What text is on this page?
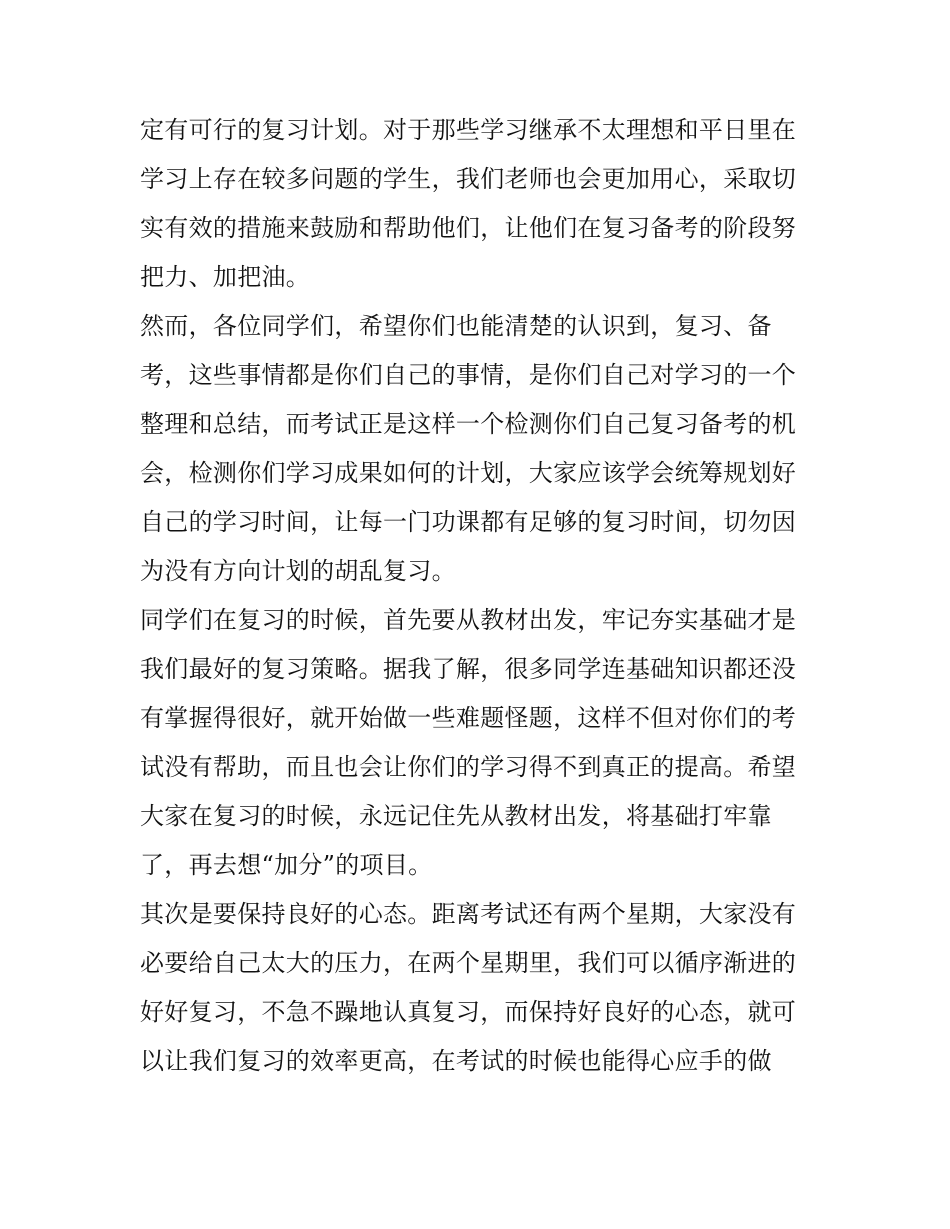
定有可行的复习计划。对于那些学习继承不太理想和平日里在
学习上存在较多问题的学生，我们老师也会更加用心，采取切
实有效的措施来鼓励和帮助他们，让他们在复习备考的阶段努
把力、加把油。
然而，各位同学们，希望你们也能清楚的认识到，复习、备
考，这些事情都是你们自己的事情，是你们自己对学习的一个
整理和总结，而考试正是这样一个检测你们自己复习备考的机
会，检测你们学习成果如何的计划，大家应该学会统筹规划好
自己的学习时间，让每一门功课都有足够的复习时间，切勿因
为没有方向计划的胡乱复习。
同学们在复习的时候，首先要从教材出发，牢记夯实基础才是
我们最好的复习策略。据我了解，很多同学连基础知识都还没
有掌握得很好，就开始做一些难题怪题，这样不但对你们的考
试没有帮助，而且也会让你们的学习得不到真正的提高。希望
大家在复习的时候，永远记住先从教材出发，将基础打牢靠
了，再去想“加分”的项目。
其次是要保持良好的心态。距离考试还有两个星期，大家没有
必要给自己太大的压力，在两个星期里，我们可以循序渐进的
好好复习，不急不躁地认真复习，而保持好良好的心态，就可
以让我们复习的效率更高，在考试的时候也能得心应手的做
